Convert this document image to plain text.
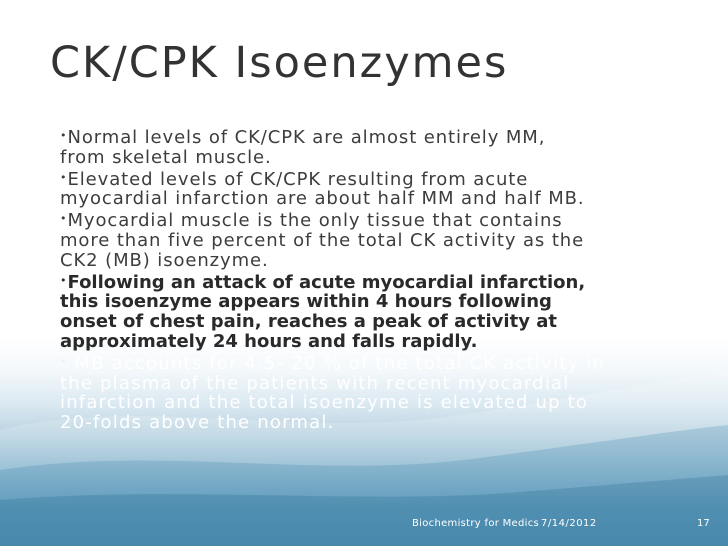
CK/CPK Isoenzymes
•Normal levels of CK/CPK are almost entirely MM,
from skeletal muscle.
•Elevated levels of CK/CPK resulting from acute
myocardial infarction are about half MM and half MB.
•Myocardial muscle is the only tissue that contains
more than five percent of the total CK activity as the
CK2 (MB) isoenzyme.
•Following an attack of acute myocardial infarction,
this isoenzyme appears within 4 hours following
onset of chest pain, reaches a peak of activity at
approximately 24 hours and falls rapidly.
• MB accounts for 4.5- 20 % of the total CK activity in
the plasma of the patients with recent myocardial
infarction and the total isoenzyme is elevated up to
20-folds above the normal.
Biochemistry for Medics 7/14/2012	17
